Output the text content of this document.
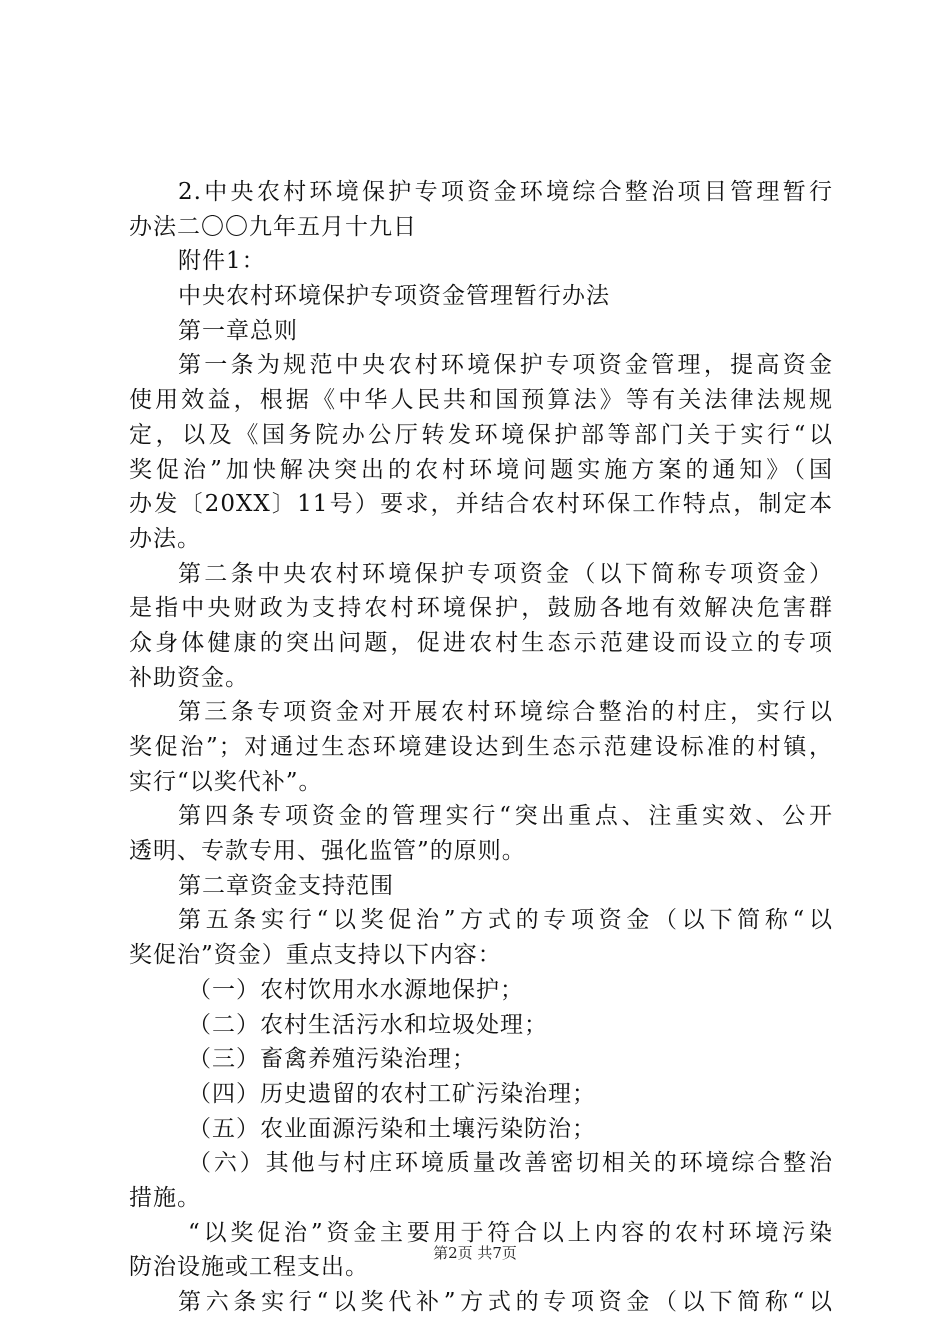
2.中央农村环境保护专项资金环境综合整治项目管理暂行
办法二〇〇九年五月十九日
附件1：
中央农村环境保护专项资金管理暂行办法
第一章总则
第一条为规范中央农村环境保护专项资金管理，提高资金
使用效益，根据《中华人民共和国预算法》等有关法律法规规
定，以及《国务院办公厅转发环境保护部等部门关于实行“以
奖促治”加快解决突出的农村环境问题实施方案的通知》（国
办发〔20XX〕11号）要求，并结合农村环保工作特点，制定本
办法。
第二条中央农村环境保护专项资金（以下简称专项资金）
是指中央财政为支持农村环境保护，鼓励各地有效解决危害群
众身体健康的突出问题，促进农村生态示范建设而设立的专项
补助资金。
第三条专项资金对开展农村环境综合整治的村庄，实行以
奖促治”；对通过生态环境建设达到生态示范建设标准的村镇，
实行“以奖代补”。
第四条专项资金的管理实行“突出重点、注重实效、公开
透明、专款专用、强化监管”的原则。
第二章资金支持范围
第五条实行“以奖促治”方式的专项资金（以下简称“以
奖促治”资金）重点支持以下内容：
（一）农村饮用水水源地保护；
（二）农村生活污水和垃圾处理；
（三）畜禽养殖污染治理；
（四）历史遗留的农村工矿污染治理；
（五）农业面源污染和土壤污染防治；
（六）其他与村庄环境质量改善密切相关的环境综合整治
措施。
“以奖促治”资金主要用于符合以上内容的农村环境污染
防治设施或工程支出。
第六条实行“以奖代补”方式的专项资金（以下简称“以
第2页 共7页
